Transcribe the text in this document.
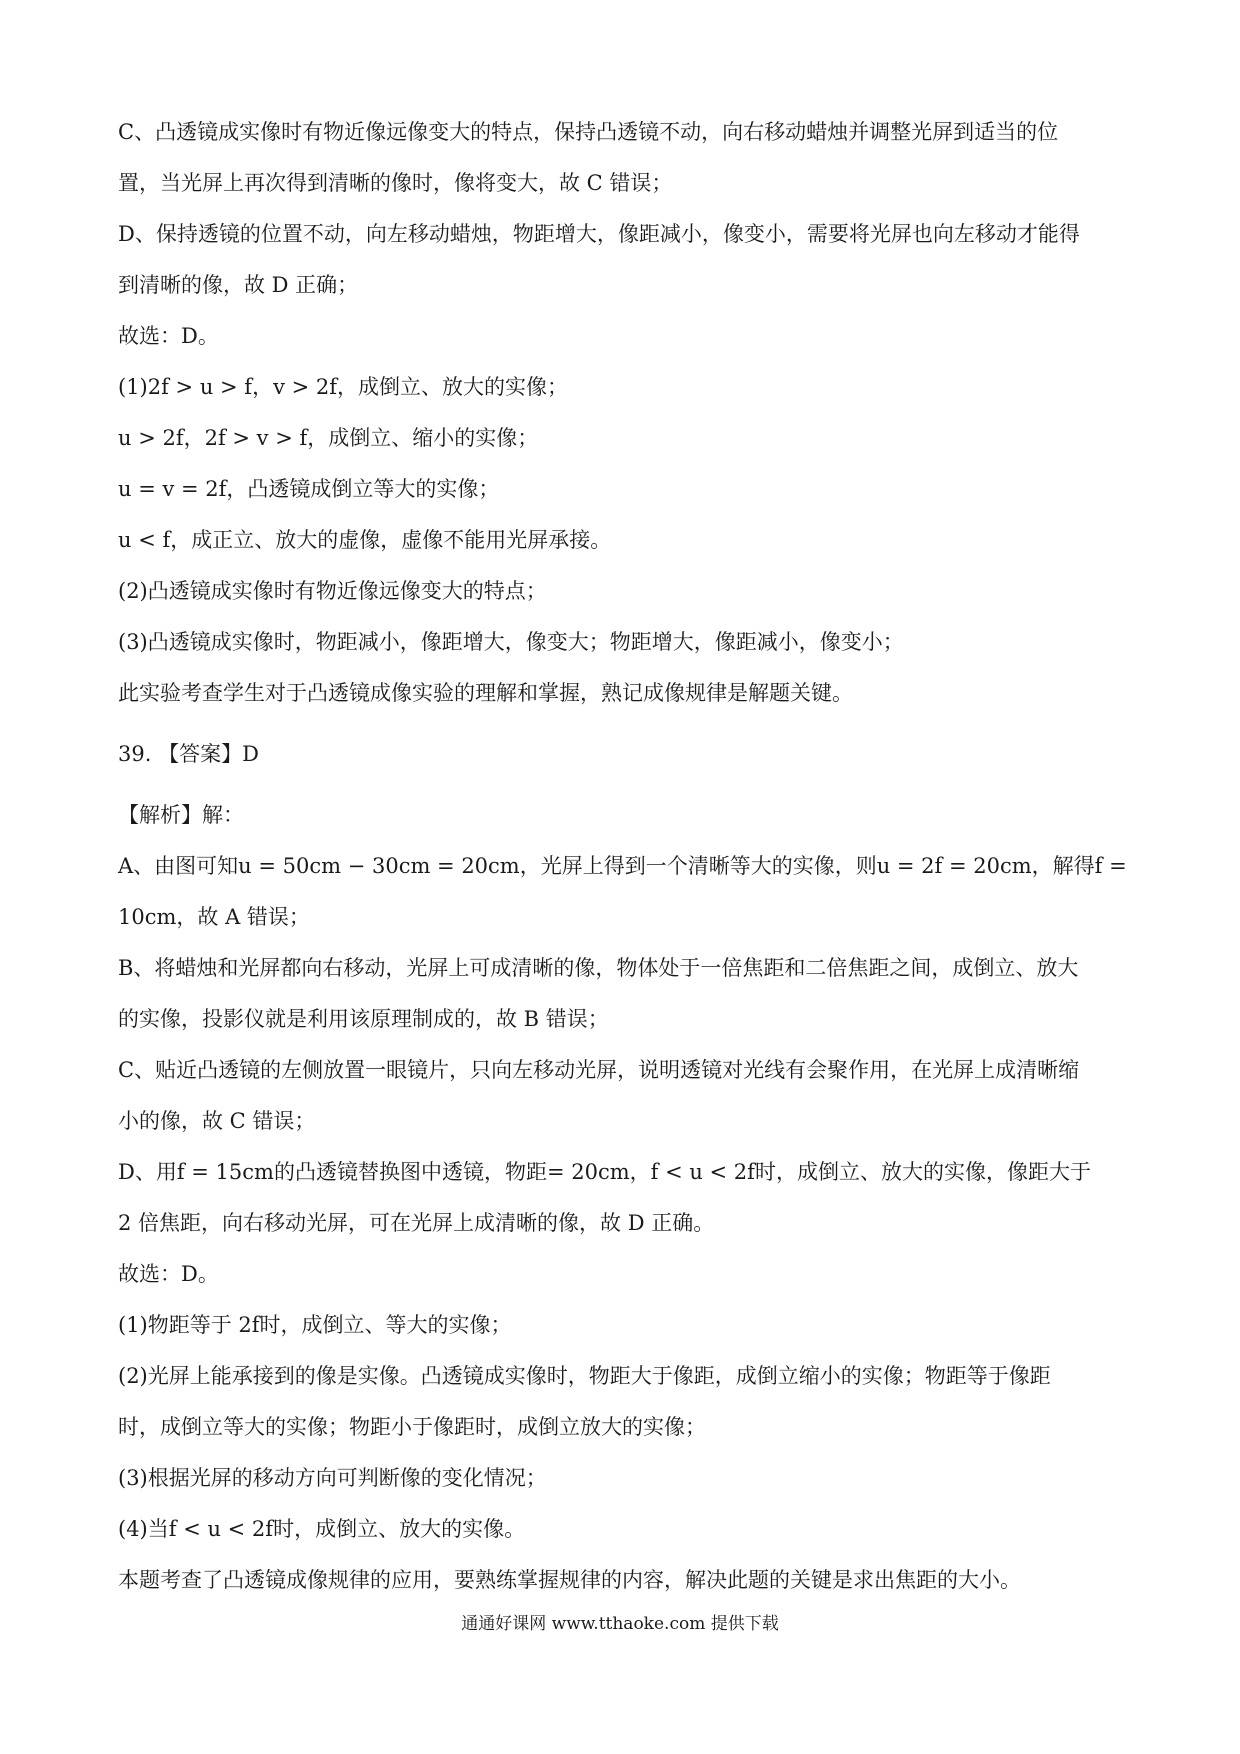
C、凸透镜成实像时有物近像远像变大的特点，保持凸透镜不动，向右移动蜡烛并调整光屏到适当的位

置，当光屏上再次得到清晰的像时，像将变大，故 C 错误；

D、保持透镜的位置不动，向左移动蜡烛，物距增大，像距减小，像变小，需要将光屏也向左移动才能得

到清晰的像，故 D 正确；

故选：D。

(1)2f > u > f，v > 2f，成倒立、放大的实像；

u > 2f，2f > v > f，成倒立、缩小的实像；

u = v = 2f，凸透镜成倒立等大的实像；

u < f，成正立、放大的虚像，虚像不能用光屏承接。

(2)凸透镜成实像时有物近像远像变大的特点；

(3)凸透镜成实像时，物距减小，像距增大，像变大；物距增大，像距减小，像变小；

此实验考查学生对于凸透镜成像实验的理解和掌握，熟记成像规律是解题关键。

39. 【答案】D

【解析】解：

A、由图可知u = 50cm − 30cm = 20cm，光屏上得到一个清晰等大的实像，则u = 2f = 20cm，解得f =

10cm，故 A 错误；

B、将蜡烛和光屏都向右移动，光屏上可成清晰的像，物体处于一倍焦距和二倍焦距之间，成倒立、放大

的实像，投影仪就是利用该原理制成的，故 B 错误；

C、贴近凸透镜的左侧放置一眼镜片，只向左移动光屏，说明透镜对光线有会聚作用，在光屏上成清晰缩

小的像，故 C 错误；

D、用f = 15cm的凸透镜替换图中透镜，物距= 20cm，f < u < 2f时，成倒立、放大的实像，像距大于

2 倍焦距，向右移动光屏，可在光屏上成清晰的像，故 D 正确。

故选：D。

(1)物距等于 2f时，成倒立、等大的实像；

(2)光屏上能承接到的像是实像。凸透镜成实像时，物距大于像距，成倒立缩小的实像；物距等于像距

时，成倒立等大的实像；物距小于像距时，成倒立放大的实像；

(3)根据光屏的移动方向可判断像的变化情况；

(4)当f < u < 2f时，成倒立、放大的实像。

本题考查了凸透镜成像规律的应用，要熟练掌握规律的内容，解决此题的关键是求出焦距的大小。

通通好课网 www.tthaoke.com 提供下载
